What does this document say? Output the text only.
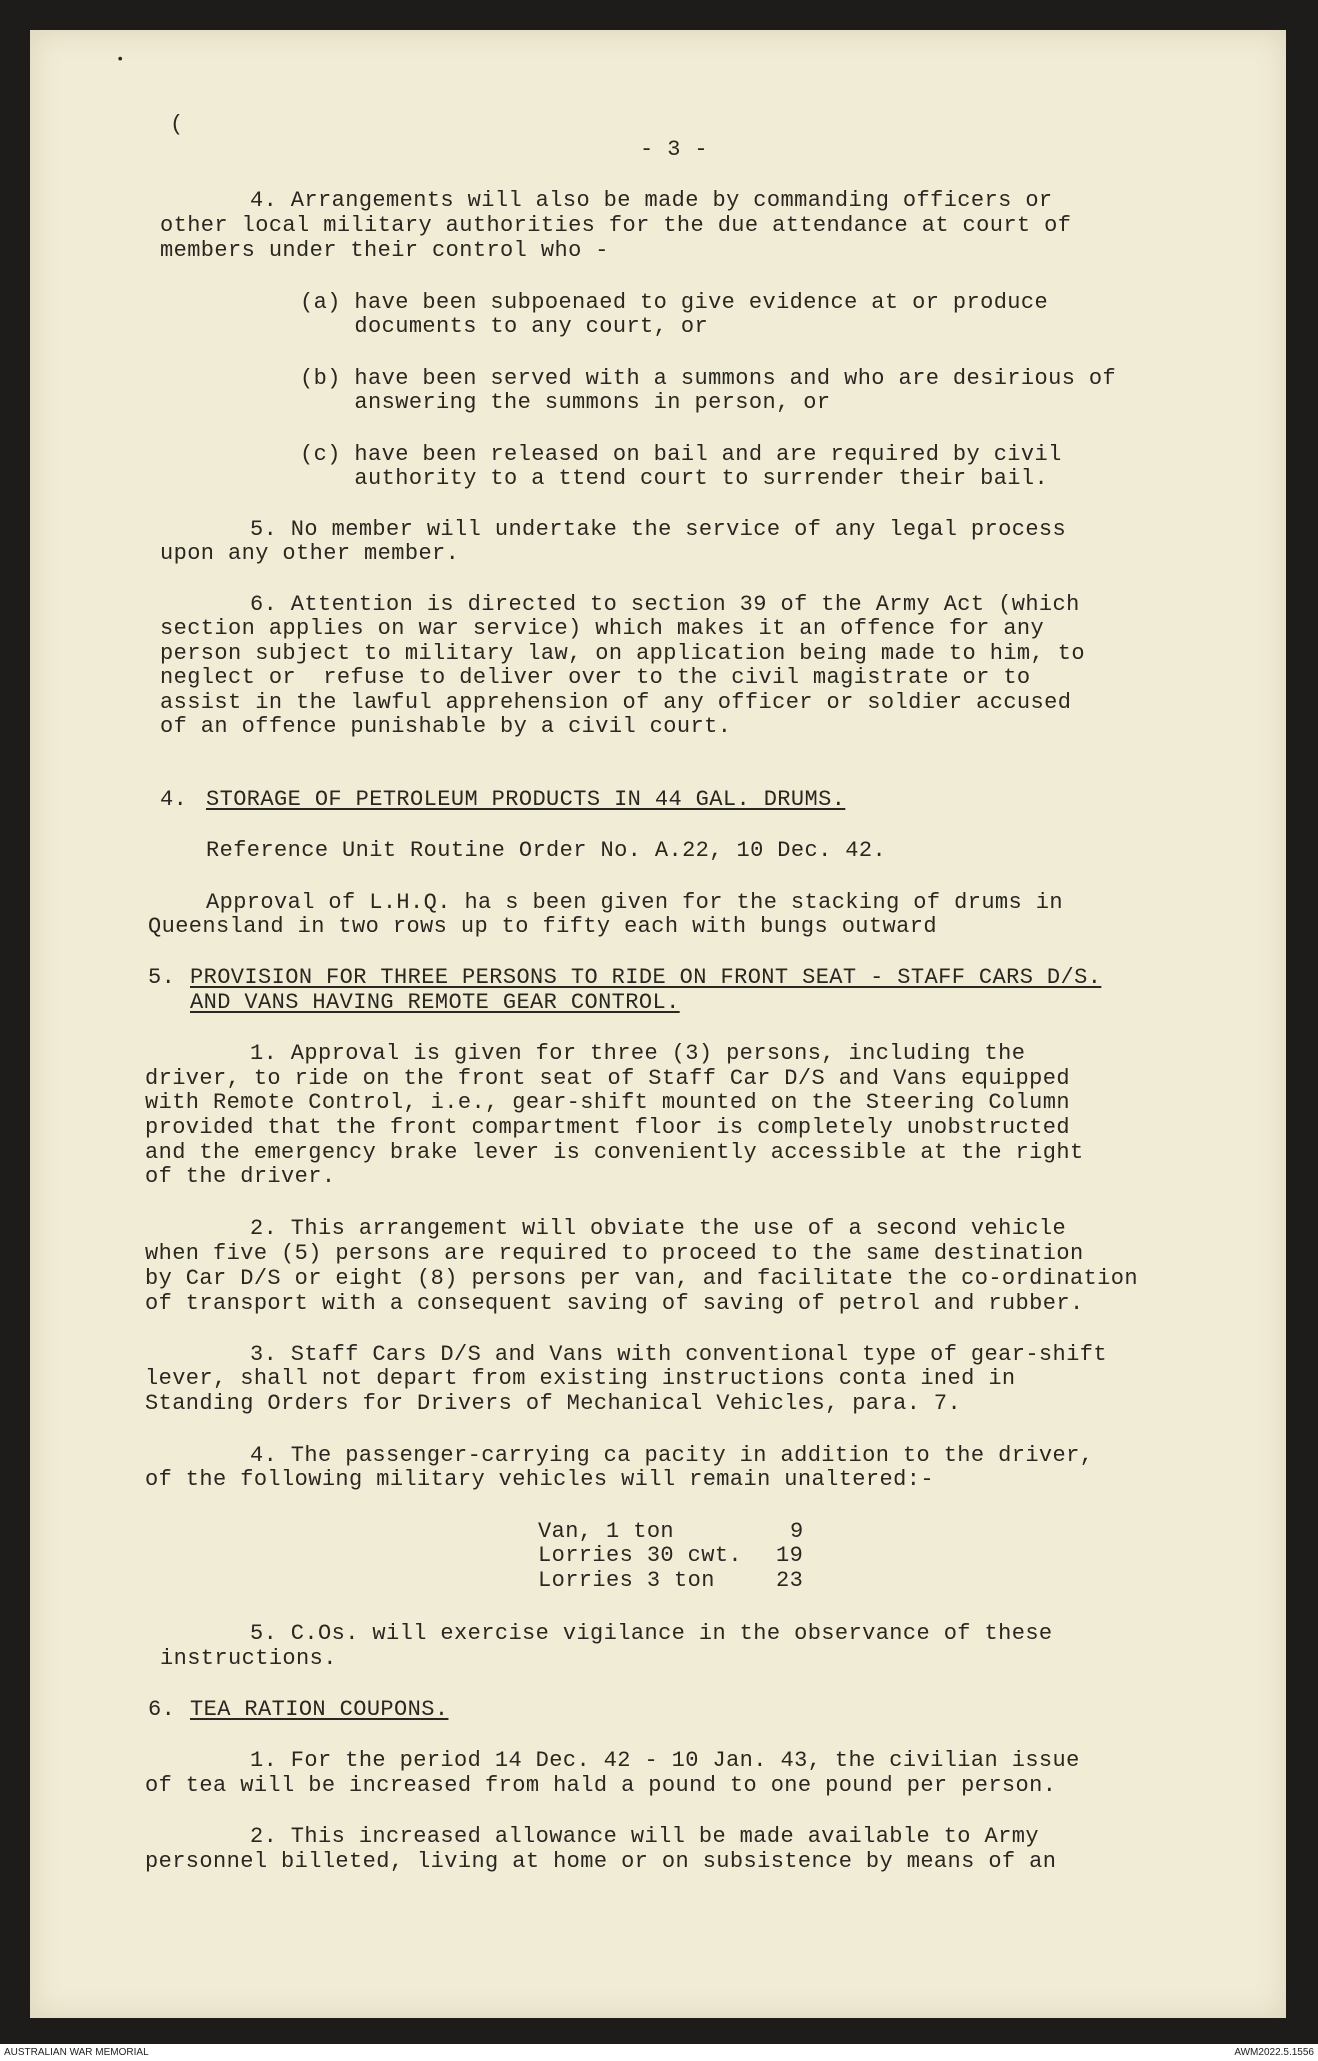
•
(
- 3 -
4. Arrangements will also be made by commanding officers or
other local military authorities for the due attendance at court of
members under their control who -
(a) have been subpoenaed to give evidence at or produce
documents to any court, or
(b) have been served with a summons and who are desirious of
answering the summons in person, or
(c) have been released on bail and are required by civil
authority to a ttend court to surrender their bail.
5. No member will undertake the service of any legal process
upon any other member.
6. Attention is directed to section 39 of the Army Act (which
section applies on war service) which makes it an offence for any
person subject to military law, on application being made to him, to
neglect or  refuse to deliver over to the civil magistrate or to
assist in the lawful apprehension of any officer or soldier accused
of an offence punishable by a civil court.
4. STORAGE OF PETROLEUM PRODUCTS IN 44 GAL. DRUMS.
Reference Unit Routine Order No. A.22, 10 Dec. 42.
Approval of L.H.Q. ha s been given for the stacking of drums in
Queensland in two rows up to fifty each with bungs outward
5. PROVISION FOR THREE PERSONS TO RIDE ON FRONT SEAT - STAFF CARS D/S.
AND VANS HAVING REMOTE GEAR CONTROL.
1. Approval is given for three (3) persons, including the
driver, to ride on the front seat of Staff Car D/S and Vans equipped
with Remote Control, i.e., gear-shift mounted on the Steering Column
provided that the front compartment floor is completely unobstructed
and the emergency brake lever is conveniently accessible at the right
of the driver.
2. This arrangement will obviate the use of a second vehicle
when five (5) persons are required to proceed to the same destination
by Car D/S or eight (8) persons per van, and facilitate the co-ordination
of transport with a consequent saving of saving of petrol and rubber.
3. Staff Cars D/S and Vans with conventional type of gear-shift
lever, shall not depart from existing instructions conta ined in
Standing Orders for Drivers of Mechanical Vehicles, para. 7.
4. The passenger-carrying ca pacity in addition to the driver,
of the following military vehicles will remain unaltered:-
Van, 1 ton	9
Lorries 30 cwt. 19
Lorries 3 ton	23
5. C.Os. will exercise vigilance in the observance of these
instructions.
6. TEA RATION COUPONS.
1. For the period 14 Dec. 42 - 10 Jan. 43, the civilian issue
of tea will be increased from hald a pound to one pound per person.
2. This increased allowance will be made available to Army
personnel billeted, living at home or on subsistence by means of an
AUSTRALIAN WAR MEMORIAL	AWM2022.5.1556
